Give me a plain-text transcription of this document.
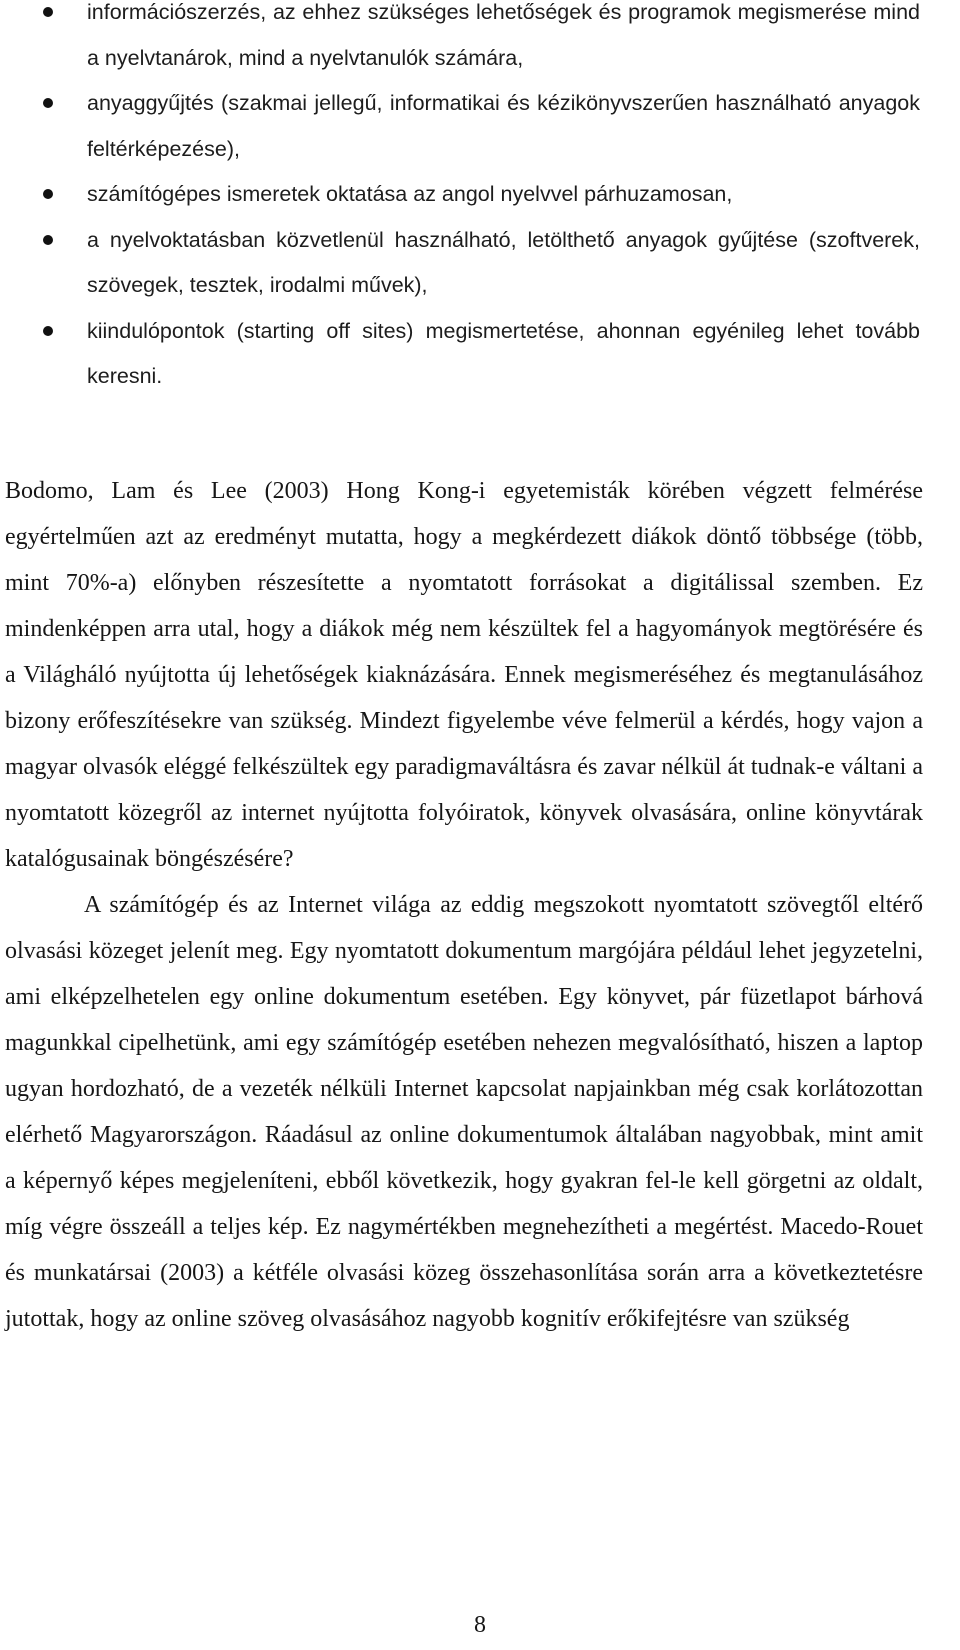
információszerzés, az ehhez szükséges lehetőségek és programok megismerése mind a nyelvtanárok, mind a nyelvtanulók számára,
anyaggyűjtés (szakmai jellegű, informatikai és kézikönyvszerűen használható anyagok feltérképezése),
számítógépes ismeretek oktatása az angol nyelvvel párhuzamosan,
a nyelvoktatásban közvetlenül használható, letölthető anyagok gyűjtése (szoftverek, szövegek, tesztek, irodalmi művek),
kiindulópontok (starting off sites) megismertetése, ahonnan egyénileg lehet tovább keresni.

Bodomo, Lam és Lee (2003) Hong Kong-i egyetemisták körében végzett felmérése egyértelműen azt az eredményt mutatta, hogy a megkérdezett diákok döntő többsége (több, mint 70%-a) előnyben részesítette a nyomtatott forrásokat a digitálissal szemben. Ez mindenképpen arra utal, hogy a diákok még nem készültek fel a hagyományok megtörésére és a Világháló nyújtotta új lehetőségek kiaknázására. Ennek megismeréséhez és megtanulásához bizony erőfeszítésekre van szükség. Mindezt figyelembe véve felmerül a kérdés, hogy vajon a magyar olvasók eléggé felkészültek egy paradigmaváltásra és zavar nélkül át tudnak-e váltani a nyomtatott közegről az internet nyújtotta folyóiratok, könyvek olvasására, online könyvtárak katalógusainak böngészésére?

A számítógép és az Internet világa az eddig megszokott nyomtatott szövegtől eltérő olvasási közeget jelenít meg. Egy nyomtatott dokumentum margójára például lehet jegyzetelni, ami elképzelhetelen egy online dokumentum esetében. Egy könyvet, pár füzetlapot bárhová magunkkal cipelhetünk, ami egy számítógép esetében nehezen megvalósítható, hiszen a laptop ugyan hordozható, de a vezeték nélküli Internet kapcsolat napjainkban még csak korlátozottan elérhető Magyarországon. Ráadásul az online dokumentumok általában nagyobbak, mint amit a képernyő képes megjeleníteni, ebből következik, hogy gyakran fel-le kell görgetni az oldalt, míg végre összeáll a teljes kép. Ez nagymértékben megnehezítheti a megértést. Macedo-Rouet és munkatársai (2003) a kétféle olvasási közeg összehasonlítása során arra a következtetésre jutottak, hogy az online szöveg olvasásához nagyobb kognitív erőkifejtésre van szükség

8
